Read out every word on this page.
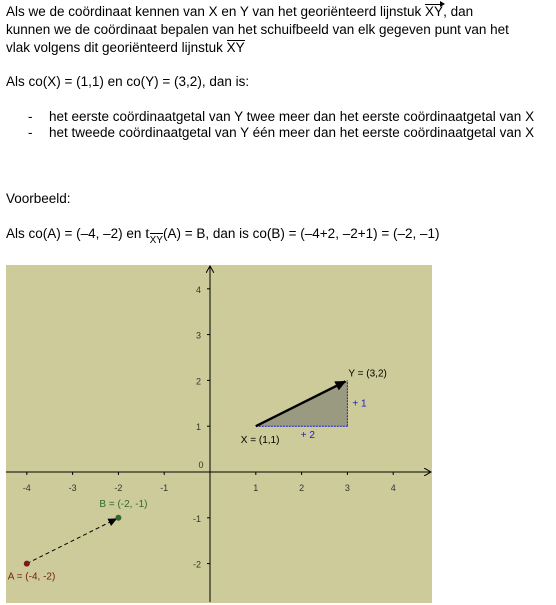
Als we de coördinaat kennen van X en Y van het georiënteerd lijnstuk XY, dan
kunnen we de coördinaat bepalen van het schuifbeeld van elk gegeven punt van het
vlak volgens dit georiënteerd lijnstuk XY
Als co(X) = (1,1) en co(Y) = (3,2), dan is:
- het eerste coördinaatgetal van Y twee meer dan het eerste coördinaatgetal van X
- het tweede coördinaatgetal van Y één meer dan het eerste coördinaatgetal van X
Voorbeeld:
Als co(A) = (–4, –2) en $t_{XY}(A) = B$, dan is co(B) = (–4+2, –2+1) = (–2, –1)
-4	-3	-2	-1
0
1	2	3	4
4
3
2
1
-1
-2
X = (1,1)
Y = (3,2)
A = (-4, -2)
B = (-2, -1)
+ 2
+ 1
